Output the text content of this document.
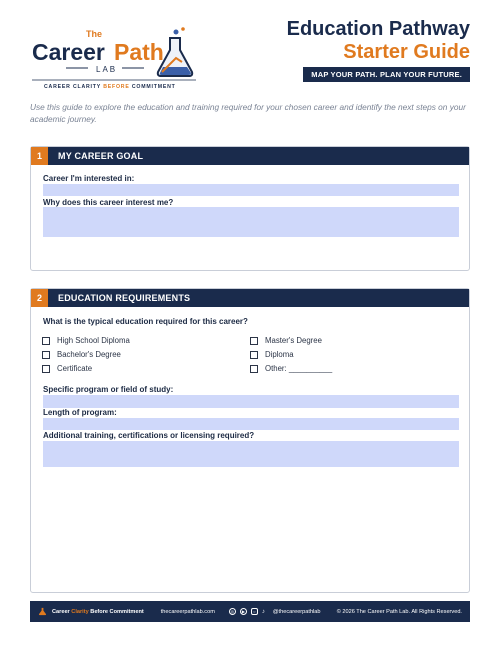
The
Career Path
LAB
CAREER CLARITY BEFORE COMMITMENT
Education Pathway
Starter Guide
MAP YOUR PATH. PLAN YOUR FUTURE.
Use this guide to explore the education and training required for your chosen career and identify the next steps on your academic journey.
1	MY CAREER GOAL
Career I'm interested in:
Why does this career interest me?
2	EDUCATION REQUIREMENTS
What is the typical education required for this career?
High School Diploma
Bachelor's Degree
Certificate
Master's Degree
Diploma
Other: __________
Specific program or field of study:
Length of program:
Additional training, certifications or licensing required?
Career Clarity Before Commitment	thecareerpathlab.com	◎	▶	○	♪ @thecareerpathlab	© 2026 The Career Path Lab. All Rights Reserved.
